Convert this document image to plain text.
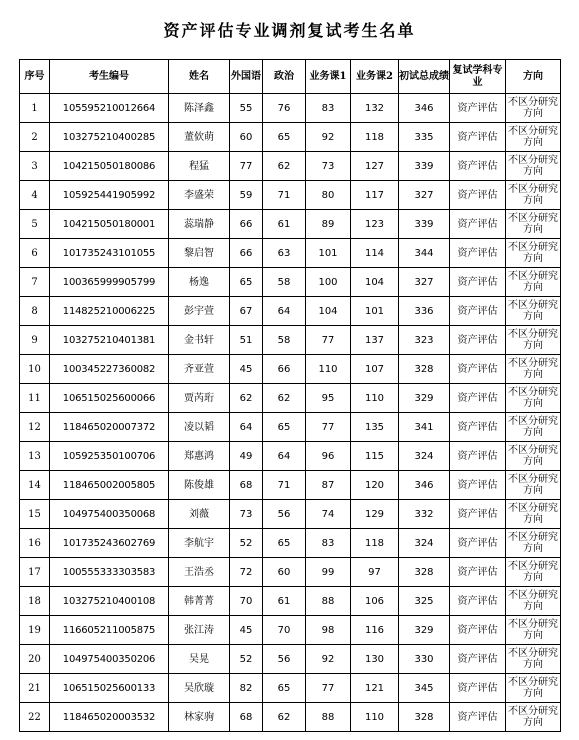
资产评估专业调剂复试考生名单
序号	考生编号	姓名	外国语	政治	业务课1	业务课2	初试总成绩	复试学科专业	方向
1	105595210012664	陈泽鑫	55	76	83	132	346	资产评估	不区分研究方向
2	103275210400285	董佽萌	60	65	92	118	335	资产评估	不区分研究方向
3	104215050180086	程猛	77	62	73	127	339	资产评估	不区分研究方向
4	105925441905992	李盛荣	59	71	80	117	327	资产评估	不区分研究方向
5	104215050180001	蕊瑞静	66	61	89	123	339	资产评估	不区分研究方向
6	101735243101055	黎启智	66	63	101	114	344	资产评估	不区分研究方向
7	100365999905799	杨逸	65	58	100	104	327	资产评估	不区分研究方向
8	114825210006225	彭宇萱	67	64	104	101	336	资产评估	不区分研究方向
9	103275210401381	金书轩	51	58	77	137	323	资产评估	不区分研究方向
10	100345227360082	齐亚萱	45	66	110	107	328	资产评估	不区分研究方向
11	106515025600066	贾芮珩	62	62	95	110	329	资产评估	不区分研究方向
12	118465020007372	凌以韬	64	65	77	135	341	资产评估	不区分研究方向
13	105925350100706	郑惠鸿	49	64	96	115	324	资产评估	不区分研究方向
14	118465002005805	陈俊雄	68	71	87	120	346	资产评估	不区分研究方向
15	104975400350068	刘薇	73	56	74	129	332	资产评估	不区分研究方向
16	101735243602769	李航宇	52	65	83	118	324	资产评估	不区分研究方向
17	100555333303583	王浩丞	72	60	99	97	328	资产评估	不区分研究方向
18	103275210400108	韩菁菁	70	61	88	106	325	资产评估	不区分研究方向
19	116605211005875	张江涛	45	70	98	116	329	资产评估	不区分研究方向
20	104975400350206	吴晃	52	56	92	130	330	资产评估	不区分研究方向
21	106515025600133	吴欣璇	82	65	77	121	345	资产评估	不区分研究方向
22	118465020003532	林家驹	68	62	88	110	328	资产评估	不区分研究方向
